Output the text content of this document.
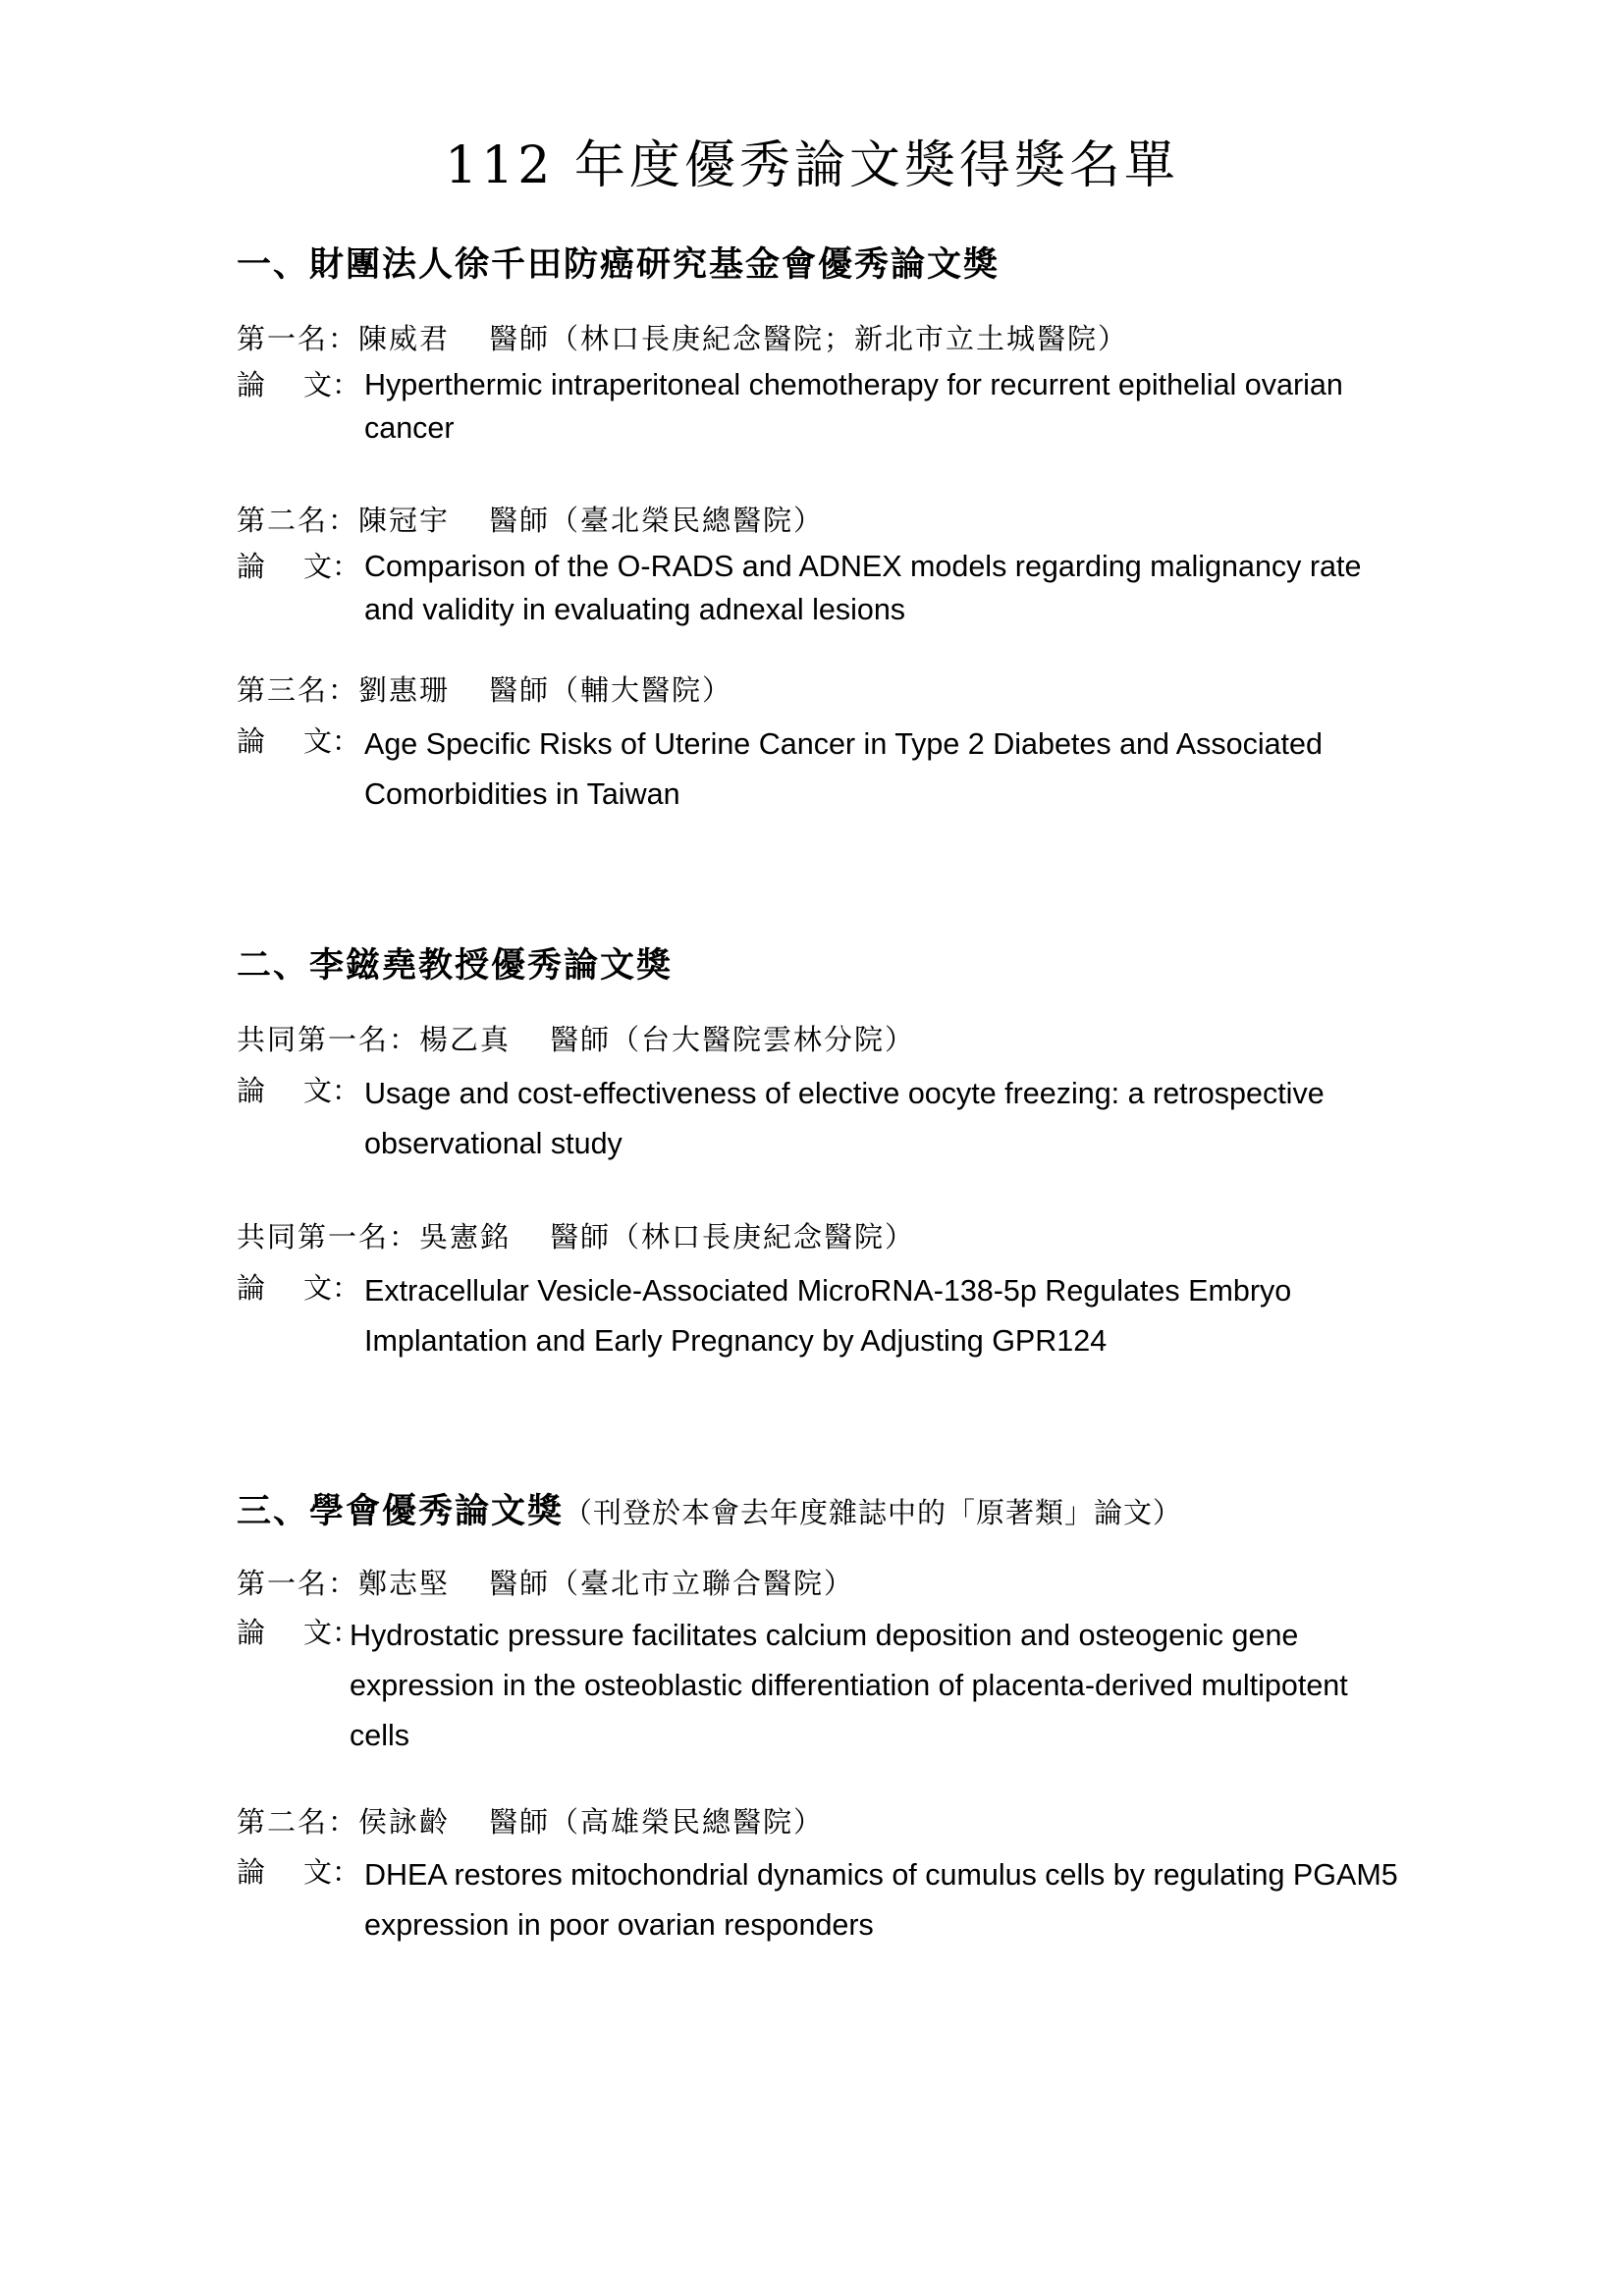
112 年度優秀論文獎得獎名單
一、財團法人徐千田防癌研究基金會優秀論文獎
第一名：陳威君 醫師（林口長庚紀念醫院；新北市立土城醫院）
論 文： Hyperthermic intraperitoneal chemotherapy for recurrent epithelial ovarian cancer
第二名：陳冠宇 醫師（臺北榮民總醫院）
論 文： Comparison of the O-RADS and ADNEX models regarding malignancy rate and validity in evaluating adnexal lesions
第三名：劉惠珊 醫師（輔大醫院）
論 文： Age Specific Risks of Uterine Cancer in Type 2 Diabetes and Associated Comorbidities in Taiwan
二、李鎡堯教授優秀論文獎
共同第一名：楊乙真 醫師（台大醫院雲林分院）
論 文： Usage and cost-effectiveness of elective oocyte freezing: a retrospective observational study
共同第一名：吳憲銘 醫師（林口長庚紀念醫院）
論 文： Extracellular Vesicle-Associated MicroRNA-138-5p Regulates Embryo Implantation and Early Pregnancy by Adjusting GPR124
三、學會優秀論文獎（刊登於本會去年度雜誌中的「原著類」論文）
第一名：鄭志堅 醫師（臺北市立聯合醫院）
論 文：
Hydrostatic pressure facilitates calcium deposition and osteogenic gene expression in the osteoblastic differentiation of placenta-derived multipotent cells
第二名：侯詠齡 醫師（高雄榮民總醫院）
論 文： DHEA restores mitochondrial dynamics of cumulus cells by regulating PGAM5 expression in poor ovarian responders
